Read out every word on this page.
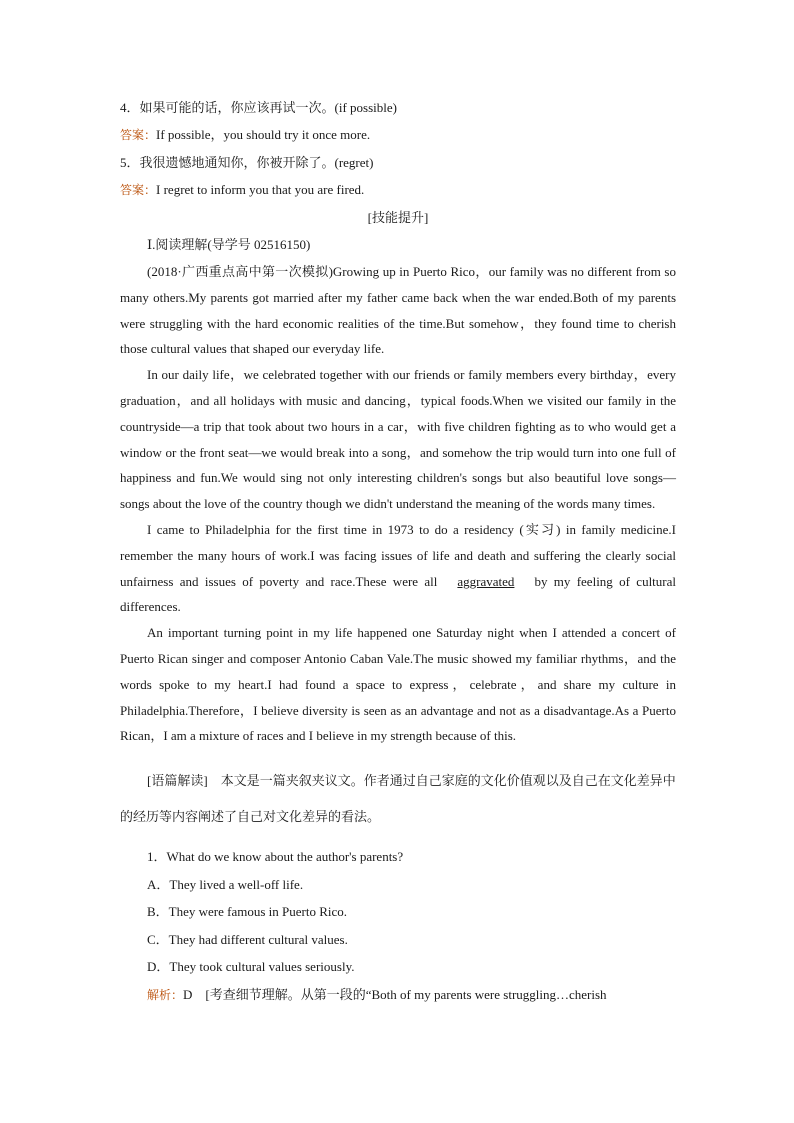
4．如果可能的话，你应该再试一次。(if possible)

答案：If possible，you should try it once more.

5．我很遗憾地通知你，你被开除了。(regret)

答案：I regret to inform you that you are fired.

[技能提升]

Ⅰ.阅读理解(导学号 02516150)

(2018·广西重点高中第一次模拟)Growing up in Puerto Rico，our family was no different from so many others.My parents got married after my father came back when the war ended.Both of my parents were struggling with the hard economic realities of the time.But somehow，they found time to cherish those cultural values that shaped our everyday life.

In our daily life，we celebrated together with our friends or family members every birthday，every graduation，and all holidays with music and dancing，typical foods.When we visited our family in the countryside—a trip that took about two hours in a car，with five children fighting as to who would get a window or the front seat—we would break into a song，and somehow the trip would turn into one full of happiness and fun.We would sing not only interesting children's songs but also beautiful love songs—songs about the love of the country though we didn't understand the meaning of the words many times.

I came to Philadelphia for the first time in 1973 to do a residency (实习) in family medicine.I remember the many hours of work.I was facing issues of life and death and suffering the clearly social unfairness and issues of poverty and race.These were all aggravated by my feeling of cultural differences.

An important turning point in my life happened one Saturday night when I attended a concert of Puerto Rican singer and composer Antonio Caban Vale.The music showed my familiar rhythms，and the words spoke to my heart.I had found a space to express，celebrate，and share my culture in Philadelphia.Therefore，I believe diversity is seen as an advantage and not as a disadvantage.As a Puerto Rican，I am a mixture of races and I believe in my strength because of this.

[语篇解读]　 本文是一篇夹叙夹议文。作者通过自己家庭的文化价值观以及自己在文化差异中的经历等内容阐述了自己对文化差异的看法。

1．What do we know about the author's parents?

A．They lived a well-off life.

B．They were famous in Puerto Rico.

C．They had different cultural values.

D．They took cultural values seriously.

解析：D　[考查细节理解。从第一段的“Both of my parents were struggling…cherish
